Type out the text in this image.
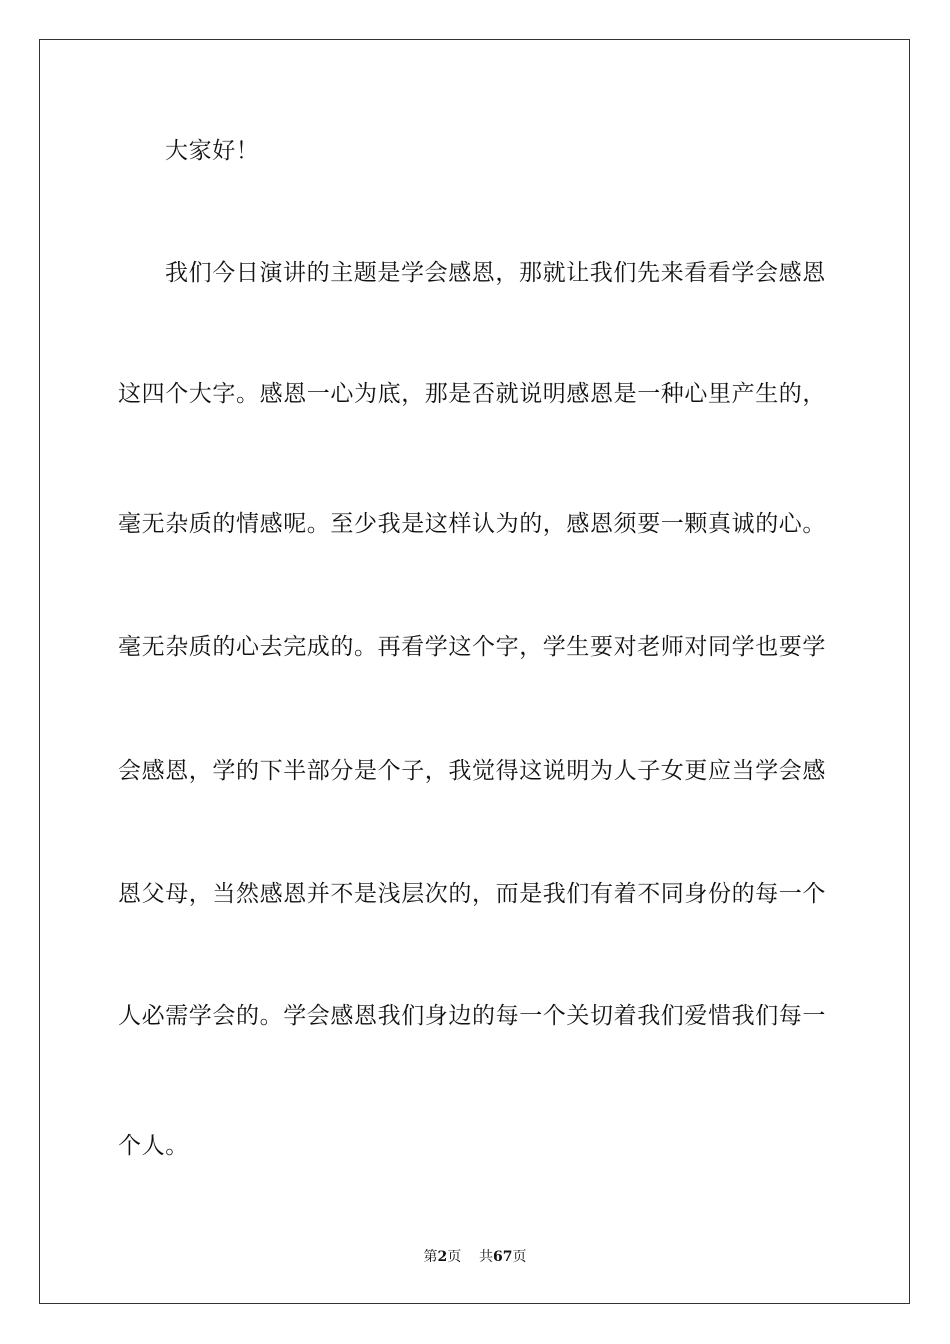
大家好！
我们今日演讲的主题是学会感恩，那就让我们先来看看学会感恩
这四个大字。感恩一心为底，那是否就说明感恩是一种心里产生的，
毫无杂质的情感呢。至少我是这样认为的，感恩须要一颗真诚的心。
毫无杂质的心去完成的。再看学这个字，学生要对老师对同学也要学
会感恩，学的下半部分是个子，我觉得这说明为人子女更应当学会感
恩父母，当然感恩并不是浅层次的，而是我们有着不同身份的每一个
人必需学会的。学会感恩我们身边的每一个关切着我们爱惜我们每一
个人。
第2页 共67页
